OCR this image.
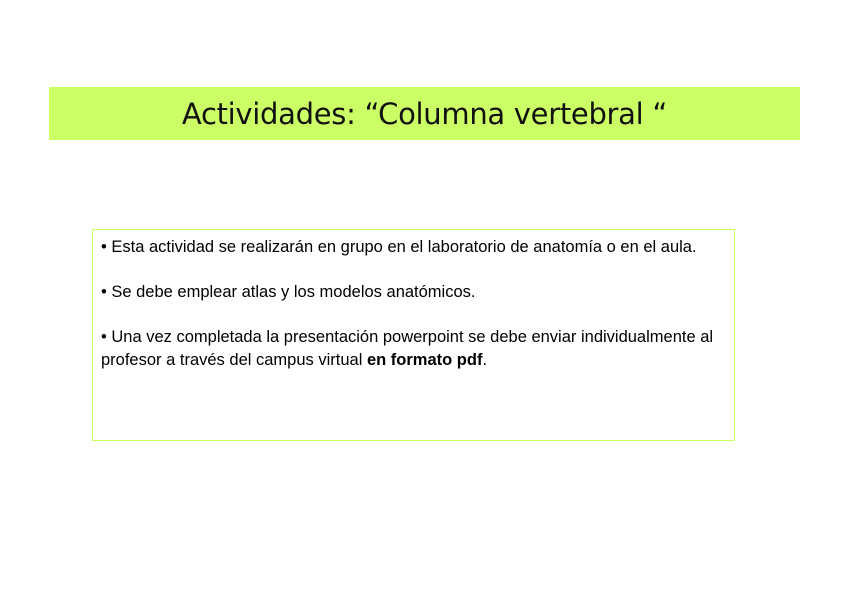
Actividades: “Columna vertebral “
• Esta actividad se realizarán en grupo en el laboratorio de anatomía o en el aula.
• Se debe emplear atlas y los modelos anatómicos.
• Una vez completada la presentación powerpoint se debe enviar individualmente al profesor a través del campus virtual en formato pdf.
